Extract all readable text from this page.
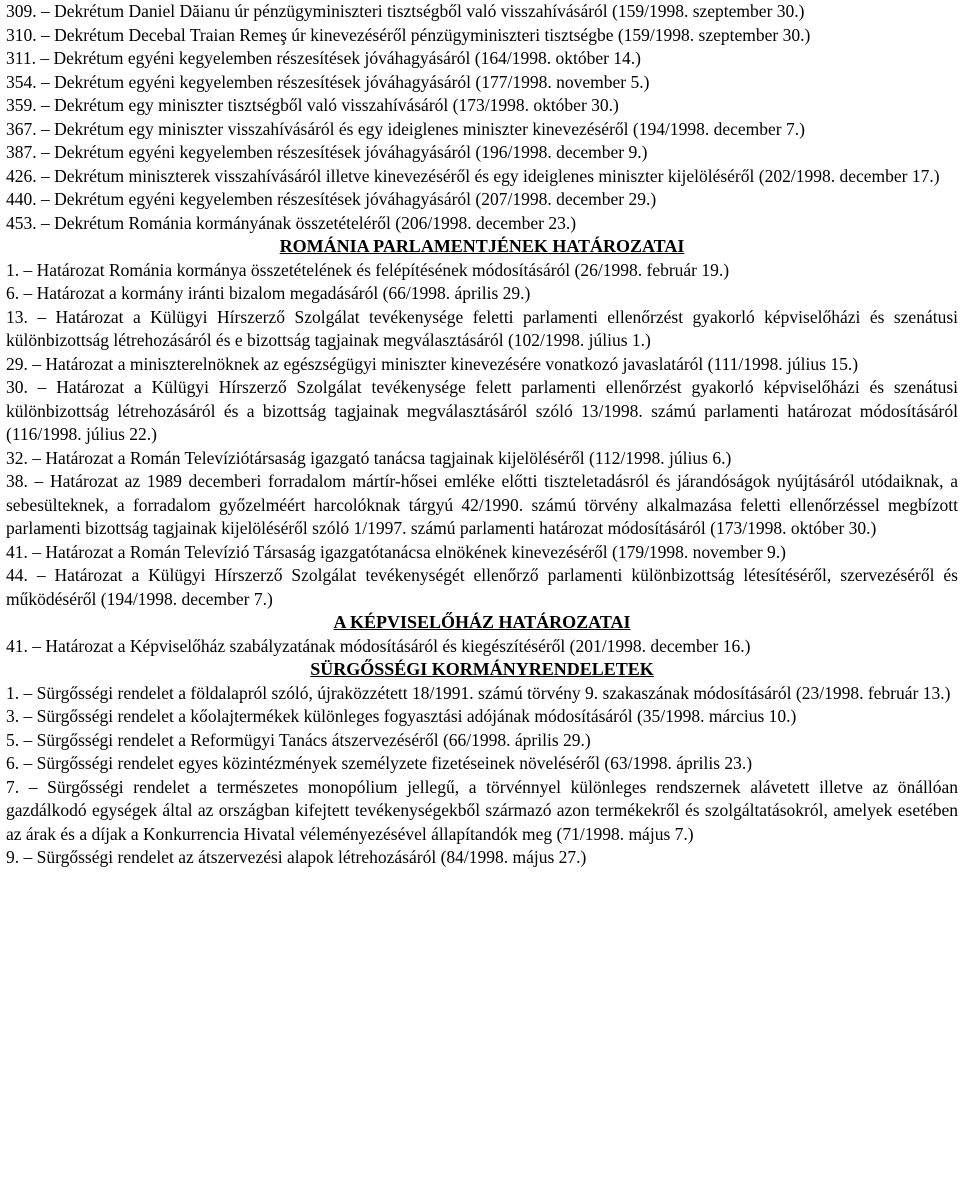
309. – Dekrétum Daniel Dăianu úr pénzügyminiszteri tisztségből való visszahívásáról (159/1998. szeptember 30.)

310. – Dekrétum Decebal Traian Remeş úr kinevezéséről pénzügyminiszteri tisztségbe (159/1998. szeptember 30.)

311. – Dekrétum egyéni kegyelemben részesítések jóváhagyásáról (164/1998. október 14.)

354. – Dekrétum egyéni kegyelemben részesítések jóváhagyásáról (177/1998. november 5.)

359. – Dekrétum egy miniszter tisztségből való visszahívásáról (173/1998. október 30.)

367. – Dekrétum egy miniszter visszahívásáról és egy ideiglenes miniszter kinevezéséről (194/1998. december 7.)

387. – Dekrétum egyéni kegyelemben részesítések jóváhagyásáról (196/1998. december 9.)

426. – Dekrétum miniszterek visszahívásáról illetve kinevezéséről és egy ideiglenes miniszter kijelöléséről (202/1998. december 17.)

440. – Dekrétum egyéni kegyelemben részesítések jóváhagyásáról (207/1998. december 29.)

453. – Dekrétum Románia kormányának összetételéről (206/1998. december 23.)

ROMÁNIA PARLAMENTJÉNEK HATÁROZATAI

1. – Határozat Románia kormánya összetételének és felépítésének módosításáról (26/1998. február 19.)

6. – Határozat a kormány iránti bizalom megadásáról (66/1998. április 29.)

13. – Határozat a Külügyi Hírszerző Szolgálat tevékenysége feletti parlamenti ellenőrzést gyakorló képviselőházi és szenátusi különbizottság létrehozásáról és e bizottság tagjainak megválasztásáról (102/1998. július 1.)

29. – Határozat a miniszterelnöknek az egészségügyi miniszter kinevezésére vonatkozó javaslatáról (111/1998. július 15.)

30. – Határozat a Külügyi Hírszerző Szolgálat tevékenysége felett parlamenti ellenőrzést gyakorló képviselőházi és szenátusi különbizottság létrehozásáról és a bizottság tagjainak megválasztásáról szóló 13/1998. számú parlamenti határozat módosításáról (116/1998. július 22.)

32. – Határozat a Román Televíziótársaság igazgató tanácsa tagjainak kijelöléséről (112/1998. július 6.)

38. – Határozat az 1989 decemberi forradalom mártír-hősei emléke előtti tiszteletadásról és járandóságok nyújtásáról utódaiknak, a sebesülteknek, a forradalom győzelméért harcolóknak tárgyú 42/1990. számú törvény alkalmazása feletti ellenőrzéssel megbízott parlamenti bizottság tagjainak kijelöléséről szóló 1/1997. számú parlamenti határozat módosításáról (173/1998. október 30.)

41. – Határozat a Román Televízió Társaság igazgatótanácsa elnökének kinevezéséről (179/1998. november 9.)

44. – Határozat a Külügyi Hírszerző Szolgálat tevékenységét ellenőrző parlamenti különbizottság létesítéséről, szervezéséről és működéséről (194/1998. december 7.)

A KÉPVISELŐHÁZ HATÁROZATAI

41. – Határozat a Képviselőház szabályzatának módosításáról és kiegészítéséről (201/1998. december 16.)

SÜRGŐSSÉGI KORMÁNYRENDELETEK

1. – Sürgősségi rendelet a földalapról szóló, újraközzétett 18/1991. számú törvény 9. szakaszának módosításáról (23/1998. február 13.)

3. – Sürgősségi rendelet a kőolajtermékek különleges fogyasztási adójának módosításáról (35/1998. március 10.)

5. – Sürgősségi rendelet a Reformügyi Tanács átszervezéséről (66/1998. április 29.)

6. – Sürgősségi rendelet egyes közintézmények személyzete fizetéseinek növeléséről (63/1998. április 23.)

7. – Sürgősségi rendelet a természetes monopólium jellegű, a törvénnyel különleges rendszernek alávetett illetve az önállóan gazdálkodó egységek által az országban kifejtett tevékenységekből származó azon termékekről és szolgáltatásokról, amelyek esetében az árak és a díjak a Konkurrencia Hivatal véleményezésével állapítandók meg (71/1998. május 7.)

9. – Sürgősségi rendelet az átszervezési alapok létrehozásáról (84/1998. május 27.)
